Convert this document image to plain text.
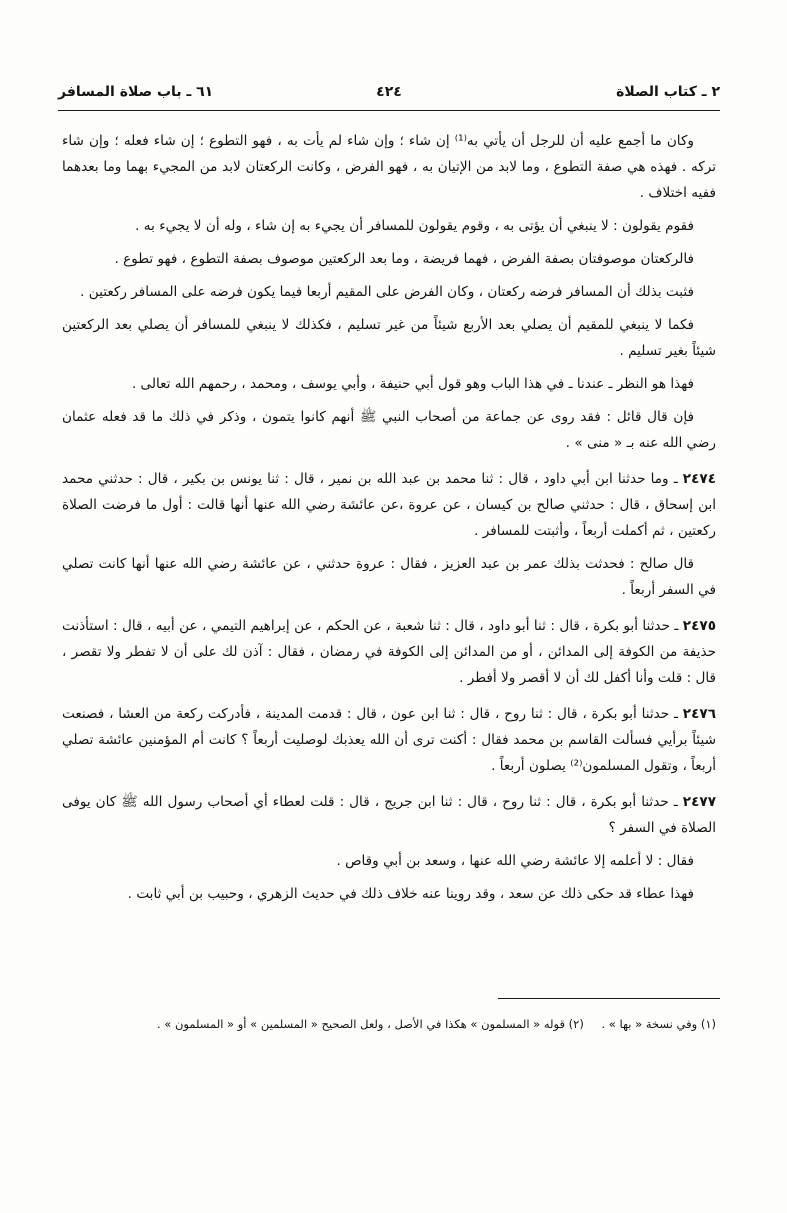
٢ ـ كتاب الصلاة
٤٢٤
٦١ ـ باب صلاة المسافر

وكان ما أجمع عليه أن للرجل أن يأتي به⁽¹⁾ إن شاء ؛ وإن شاء لم يأت به ، فهو التطوع ؛ إن شاء فعله ؛ وإن شاء تركه . فهذه هي صفة التطوع ، وما لابد من الإتيان به ، فهو الفرض ، وكانت الركعتان لابد من المجيء بهما وما بعدهما ففيه اختلاف .

فقوم يقولون : لا ينبغي أن يؤتى به ، وقوم يقولون للمسافر أن يجيء به إن شاء ، وله أن لا يجيء به .

فالركعتان موصوفتان بصفة الفرض ، فهما فريضة ، وما بعد الركعتين موصوف بصفة التطوع ، فهو تطوع .

فثبت بذلك أن المسافر فرضه ركعتان ، وكان الفرض على المقيم أربعا فيما يكون فرضه على المسافر ركعتين .

فكما لا ينبغي للمقيم أن يصلي بعد الأربع شيئاً من غير تسليم ، فكذلك لا ينبغي للمسافر أن يصلي بعد الركعتين شيئاً بغير تسليم .

فهذا هو النظر ـ عندنا ـ في هذا الباب وهو قول أبي حنيفة ، وأبي يوسف ، ومحمد ، رحمهم الله تعالى .

فإن قال قائل : فقد روى عن جماعة من أصحاب النبي ﷺ أنهم كانوا يتمون ، وذكر في ذلك ما قد فعله عثمان رضي الله عنه بـ « منى » .

٢٤٧٤ ـ وما حدثنا ابن أبي داود ، قال : ثنا محمد بن عبد الله بن نمير ، قال : ثنا يونس بن بكير ، قال : حدثني محمد ابن إسحاق ، قال : حدثني صالح بن كيسان ، عن عروة ،عن عائشة رضي الله عنها أنها قالت : أول ما فرضت الصلاة ركعتين ، ثم أكملت أربعاً ، وأثبتت للمسافر .

قال صالح : فحدثت بذلك عمر بن عبد العزيز ، فقال : عروة حدثني ، عن عائشة رضي الله عنها أنها كانت تصلي في السفر أربعاً .

٢٤٧٥ ـ حدثنا أبو بكرة ، قال : ثنا أبو داود ، قال : ثنا شعبة ، عن الحكم ، عن إبراهيم التيمي ، عن أبيه ، قال : استأذنت حذيفة من الكوفة إلى المدائن ، أو من المدائن إلى الكوفة في رمضان ، فقال : آذن لك على أن لا تفطر ولا تقصر ، قال : قلت وأنا أكفل لك أن لا أقصر ولا أفطر .

٢٤٧٦ ـ حدثنا أبو بكرة ، قال : ثنا روح ، قال : ثنا ابن عون ، قال : قدمت المدينة ، فأدركت ركعة من العشا ، فصنعت شيئاً برأيي فسألت القاسم بن محمد فقال : أكنت ترى أن الله يعذبك لوصليت أربعاً ؟ كانت أم المؤمنين عائشة تصلي أربعاً ، وتقول المسلمون⁽²⁾ يصلون أربعاً .

٢٤٧٧ ـ حدثنا أبو بكرة ، قال : ثنا روح ، قال : ثنا ابن جريج ، قال : قلت لعطاء أي أصحاب رسول الله ﷺ كان يوفى الصلاة في السفر ؟

فقال : لا أعلمه إلا عائشة رضي الله عنها ، وسعد بن أبي وقاص .

فهذا عطاء قد حكى ذلك عن سعد ، وقد روينا عنه خلاف ذلك في حديث الزهري ، وحبيب بن أبي ثابت .

(١) وفي نسخة « بها » . (٢) قوله « المسلمون » هكذا في الأصل ، ولعل الصحيح « المسلمين » أو « المسلمون » .
